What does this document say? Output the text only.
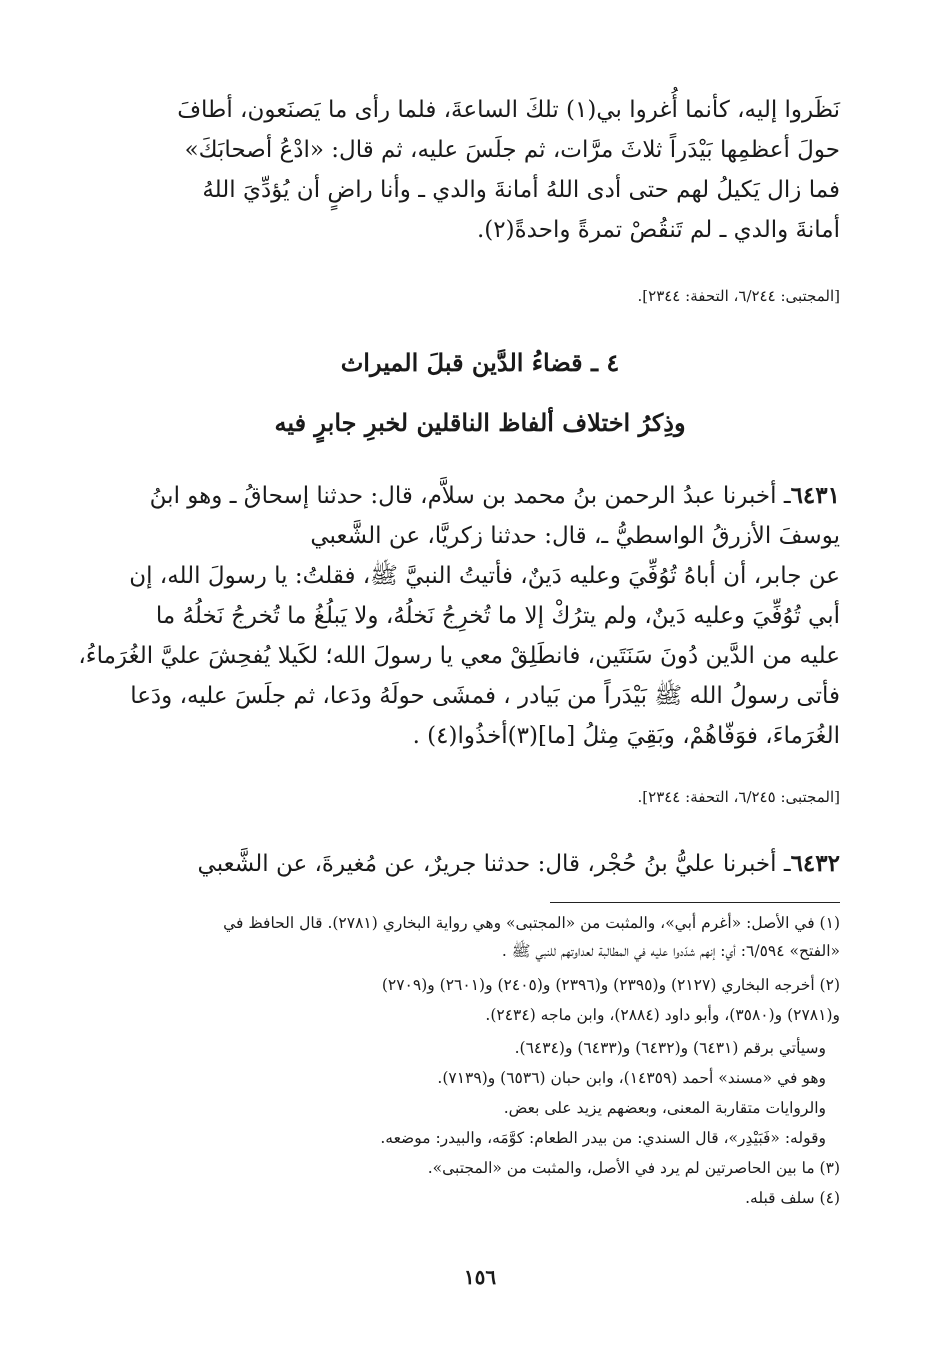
نَظَروا إليه، كأنما أُغروا بي(١) تلكَ الساعةَ، فلما رأى ما يَصنَعون، أطافَ
حولَ أعظمِها بَيْدَراً ثلاثَ مرَّات، ثم جلَسَ عليه، ثم قال: «ادْعُ أصحابَكَ»
فما زال يَكيلُ لهم حتى أدى اللهُ أمانةَ والدي ـ وأنا راضٍ أن يُؤدِّيَ اللهُ
أمانةَ والدي ـ لم تَنقُصْ تمرةً واحدةً(٢).
[المجتبى: ٦/٢٤٤، التحفة: ٢٣٤٤].
٤ ـ قضاءُ الدَّين قبلَ الميراث
وذِكرُ اختلاف ألفاظ الناقلين لخبرِ جابرٍ فيه
٦٤٣١ـ أخبرنا عبدُ الرحمن بنُ محمد بن سلاَّم، قال: حدثنا إسحاقُ ـ وهو ابنُ
يوسفَ الأزرقُ الواسطيُّ ـ، قال: حدثنا زكريَّا، عن الشَّعبي
عن جابر، أن أباهُ تُوُفِّيَ وعليه دَينٌ، فأتيتُ النبيَّ ﷺ، فقلتُ: يا رسولَ الله، إن
أبي تُوُفِّيَ وعليه دَينٌ، ولم يترُكْ إلا ما تُخرِجُ نَخلُهُ، ولا يَبلُغُ ما تُخرجُ نَخلُهُ ما
عليه من الدَّين دُونَ سَنَتَين، فانطَلِقْ معي يا رسولَ الله؛ لكَيلا يُفحِشَ عليَّ الغُرَماءُ،
فأتى رسولُ الله ﷺ بَيْدَراً من بَيادر ، فمشَى حولَهُ ودَعا، ثم جلَسَ عليه، ودَعا
الغُرَماءَ، فوَفّاهُمْ، وبَقِيَ مِثلُ [ما](٣)أخذُوا(٤) .
[المجتبى: ٦/٢٤٥، التحفة: ٢٣٤٤].
٦٤٣٢ـ أخبرنا عليُّ بنُ حُجْر، قال: حدثنا جريرٌ، عن مُغيرةَ، عن الشَّعبي
(١) في الأصل: «أغرم أبي»، والمثبت من «المجتبى» وهي رواية البخاري (٢٧٨١). قال الحافظ في
«الفتح» ٦/٥٩٤: أي: إنهم شدّدوا عليه في المطالبة لعداوتهم للنبي ﷺ .
(٢) أخرجه البخاري (٢١٢٧) و(٢٣٩٥) و(٢٣٩٦) و(٢٤٠٥) و(٢٦٠١) و(٢٧٠٩)
و(٢٧٨١) و(٣٥٨٠)، وأبو داود (٢٨٨٤)، وابن ماجه (٢٤٣٤).
وسيأتي برقم (٦٤٣١) و(٦٤٣٢) و(٦٤٣٣) و(٦٤٣٤).
وهو في «مسند» أحمد (١٤٣٥٩)، وابن حبان (٦٥٣٦) و(٧١٣٩).
والروايات متقاربة المعنى، وبعضهم يزيد على بعض.
وقوله: «فَبَيْدِر»، قال السندي: من بيدر الطعام: كوَّمَه، والبيدر: موضعه.
(٣) ما بين الحاصرتين لم يرد في الأصل، والمثبت من «المجتبى».
(٤) سلف قبله.
١٥٦
